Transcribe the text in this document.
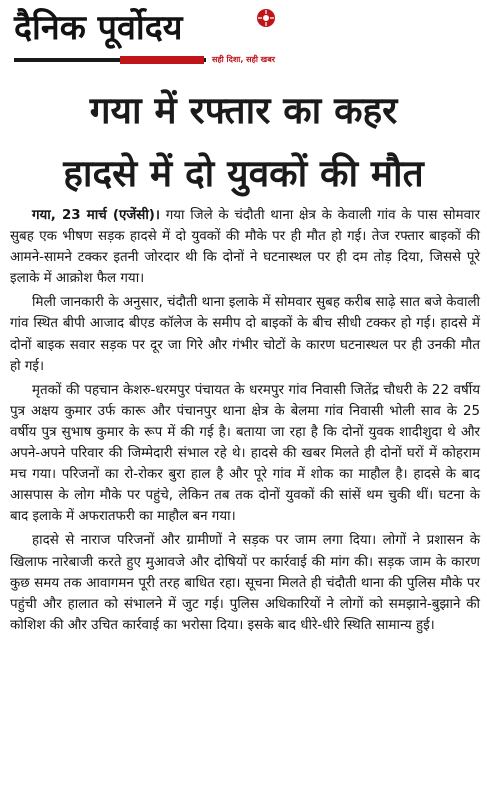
दैनिक पूर्वोदय
सही दिशा, सही खबर
गया में रफ्तार का कहर
हादसे में दो युवकों की मौत

गया, 23 मार्च (एजेंसी)। गया जिले के चंदौती थाना क्षेत्र के केवाली गांव के पास सोमवार सुबह एक भीषण सड़क हादसे में दो युवकों की मौके पर ही मौत हो गई। तेज रफ्तार बाइकों की आमने-सामने टक्कर इतनी जोरदार थी कि दोनों ने घटनास्थल पर ही दम तोड़ दिया, जिससे पूरे इलाके में आक्रोश फैल गया।

मिली जानकारी के अनुसार, चंदौती थाना इलाके में सोमवार सुबह करीब साढ़े सात बजे केवाली गांव स्थित बीपी आजाद बीएड कॉलेज के समीप दो बाइकों के बीच सीधी टक्कर हो गई। हादसे में दोनों बाइक सवार सड़क पर दूर जा गिरे और गंभीर चोटों के कारण घटनास्थल पर ही उनकी मौत हो गई।

मृतकों की पहचान केशरु-धरमपुर पंचायत के धरमपुर गांव निवासी जितेंद्र चौधरी के 22 वर्षीय पुत्र अक्षय कुमार उर्फ कारू और पंचानपुर थाना क्षेत्र के बेलमा गांव निवासी भोली साव के 25 वर्षीय पुत्र सुभाष कुमार के रूप में की गई है। बताया जा रहा है कि दोनों युवक शादीशुदा थे और अपने-अपने परिवार की जिम्मेदारी संभाल रहे थे। हादसे की खबर मिलते ही दोनों घरों में कोहराम मच गया। परिजनों का रो-रोकर बुरा हाल है और पूरे गांव में शोक का माहौल है। हादसे के बाद आसपास के लोग मौके पर पहुंचे, लेकिन तब तक दोनों युवकों की सांसें थम चुकी थीं। घटना के बाद इलाके में अफरातफरी का माहौल बन गया।

हादसे से नाराज परिजनों और ग्रामीणों ने सड़क पर जाम लगा दिया। लोगों ने प्रशासन के खिलाफ नारेबाजी करते हुए मुआवजे और दोषियों पर कार्रवाई की मांग की। सड़क जाम के कारण कुछ समय तक आवागमन पूरी तरह बाधित रहा। सूचना मिलते ही चंदौती थाना की पुलिस मौके पर पहुंची और हालात को संभालने में जुट गई। पुलिस अधिकारियों ने लोगों को समझाने-बुझाने की कोशिश की और उचित कार्रवाई का भरोसा दिया। इसके बाद धीरे-धीरे स्थिति सामान्य हुई।
